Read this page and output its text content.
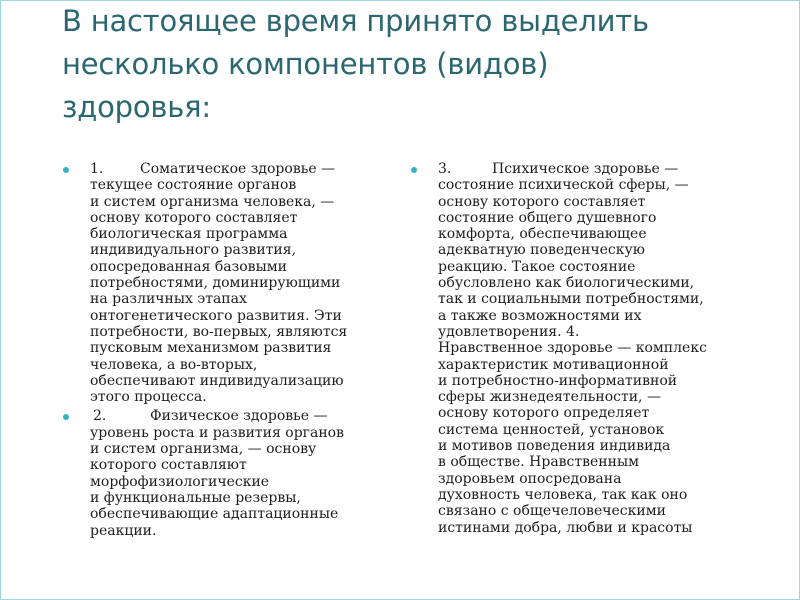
В настоящее время принято выделить
несколько компонентов (видов)
здоровья:
1.	Соматическое здоровье —
текущее состояние органов
и систем организма человека, —
основу которого составляет
биологическая программа
индивидуального развития,
опосредованная базовыми
потребностями, доминирующими
на различных этапах
онтогенетического развития. Эти
потребности, во-первых, являются
пусковым механизмом развития
человека, а во-вторых,
обеспечивают индивидуализацию
этого процесса.
2.	Физическое здоровье —
уровень роста и развития органов
и систем организма, — основу
которого составляют
морфофизиологические
и функциональные резервы,
обеспечивающие адаптационные
реакции.
3.	Психическое здоровье —
состояние психической сферы, —
основу которого составляет
состояние общего душевного
комфорта, обеспечивающее
адекватную поведенческую
реакцию. Такое состояние
обусловлено как биологическими,
так и социальными потребностями,
а также возможностями их
удовлетворения. 4.
Нравственное здоровье — комплекс
характеристик мотивационной
и потребностно-информативной
сферы жизнедеятельности, —
основу которого определяет
система ценностей, установок
и мотивов поведения индивида
в обществе. Нравственным
здоровьем опосредована
духовность человека, так как оно
связано с общечеловеческими
истинами добра, любви и красоты
